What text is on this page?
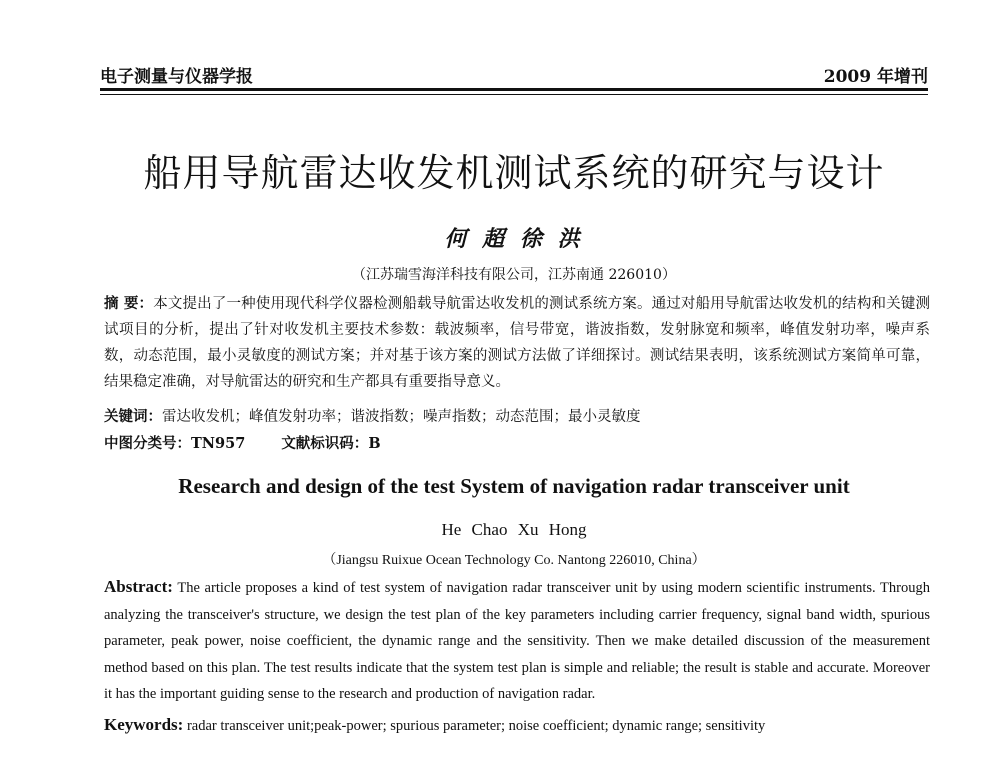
电子测量与仪器学报	2009 年增刊
船用导航雷达收发机测试系统的研究与设计
何 超 徐 洪
（江苏瑞雪海洋科技有限公司，江苏南通 226010）
摘 要：本文提出了一种使用现代科学仪器检测船载导航雷达收发机的测试系统方案。通过对船用导航雷达收发机的结构和关键测试项目的分析，提出了针对收发机主要技术参数：载波频率，信号带宽，谐波指数，发射脉宽和频率，峰值发射功率，噪声系数，动态范围，最小灵敏度的测试方案；并对基于该方案的测试方法做了详细探讨。测试结果表明，该系统测试方案简单可靠，结果稳定准确，对导航雷达的研究和生产都具有重要指导意义。
关键词：雷达收发机；峰值发射功率；谐波指数；噪声指数；动态范围；最小灵敏度
中图分类号：TN957 文献标识码：B
Research and design of the test System of navigation radar transceiver unit
He Chao Xu Hong
（Jiangsu Ruixue Ocean Technology Co. Nantong 226010, China）
Abstract: The article proposes a kind of test system of navigation radar transceiver unit by using modern scientific instruments. Through analyzing the transceiver's structure, we design the test plan of the key parameters including carrier frequency, signal band width, spurious parameter, peak power, noise coefficient, the dynamic range and the sensitivity. Then we make detailed discussion of the measurement method based on this plan. The test results indicate that the system test plan is simple and reliable; the result is stable and accurate. Moreover it has the important guiding sense to the research and production of navigation radar.
Keywords: radar transceiver unit;peak-power; spurious parameter; noise coefficient; dynamic range; sensitivity
